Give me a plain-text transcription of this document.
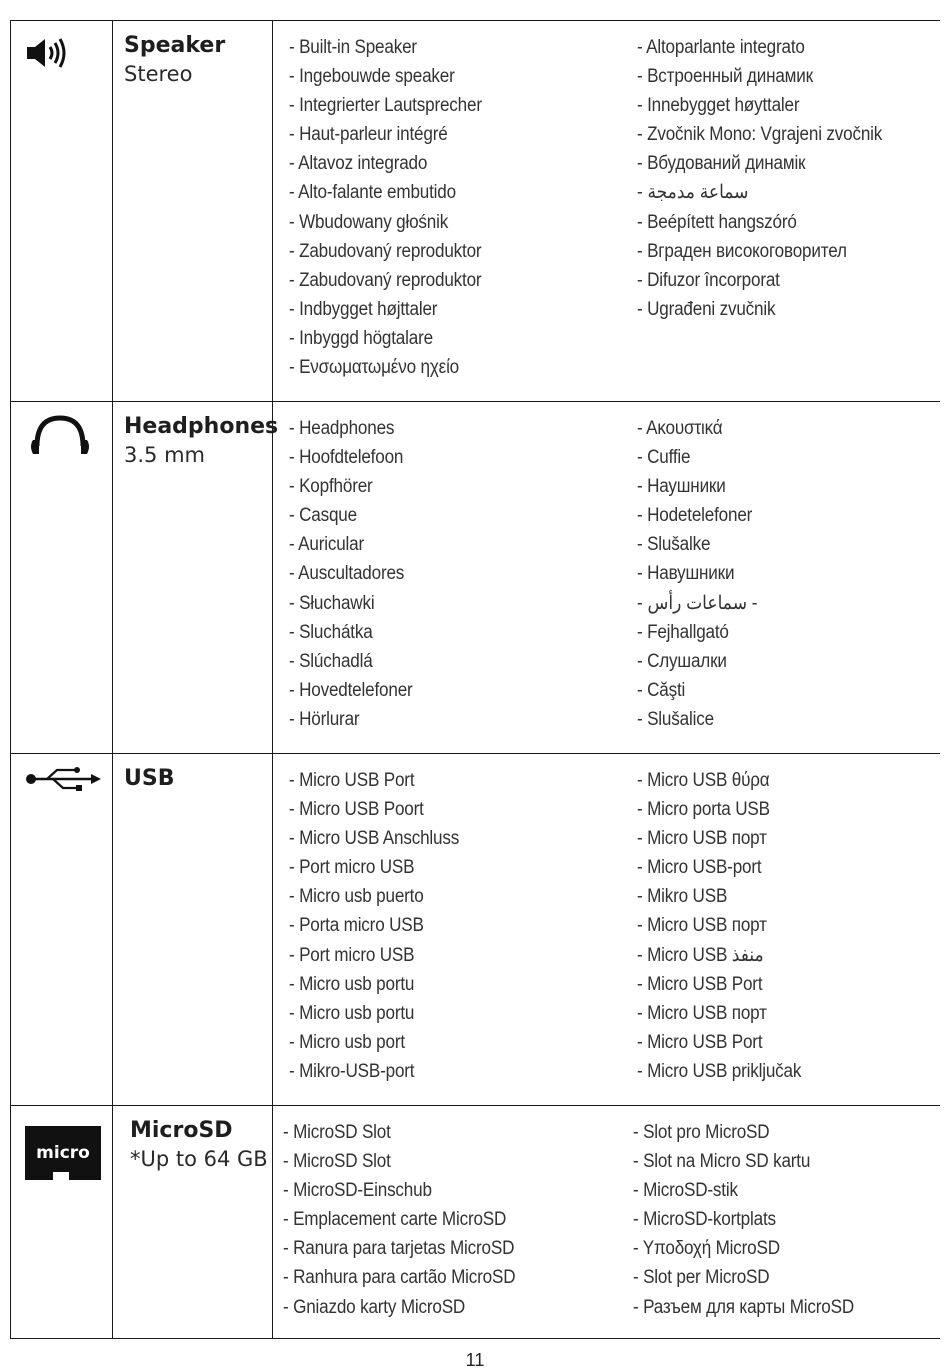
Speaker
Stereo
- Built-in Speaker
- Ingebouwde speaker
- Integrierter Lautsprecher
- Haut-parleur intégré
- Altavoz integrado
- Alto-falante embutido
- Wbudowany głośnik
- Zabudovaný reproduktor
- Zabudovaný reproduktor
- Indbygget højttaler
- Inbyggd högtalare
- Ενσωματωμένο ηχείο
- Altoparlante integrato
- Встроенный динамик
- Innebygget høyttaler
- Zvočnik Mono: Vgrajeni zvočnik
- Вбудований динамік
- سماعة مدمجة
- Beépített hangszóró
- Вграден високоговорител
- Difuzor încorporat
- Ugrađeni zvučnik
Headphones
3.5 mm
- Headphones
- Hoofdtelefoon
- Kopfhörer
- Casque
- Auricular
- Auscultadores
- Słuchawki
- Sluchátka
- Slúchadlá
- Hovedtelefoner
- Hörlurar
- Ακουστικά
- Cuffie
- Наушники
- Hodetelefoner
- Slušalke
- Навушники
- سماعات رأس -
- Fejhallgató
- Слушалки
- Căşti
- Slušalice
USB	- Micro USB Port
- Micro USB Poort
- Micro USB Anschluss
- Port micro USB
- Micro usb puerto
- Porta micro USB
- Port micro USB
- Micro usb portu
- Micro usb portu
- Micro usb port
- Mikro-USB-port
- Micro USB θύρα
- Micro porta USB
- Micro USB порт
- Micro USB-port
- Mikro USB
- Micro USB порт
- Micro USB منفذ
- Micro USB Port
- Micro USB порт
- Micro USB Port
- Micro USB priključak
micro
MicroSD
*Up to 64 GB
- MicroSD Slot
- MicroSD Slot
- MicroSD-Einschub
- Emplacement carte MicroSD
- Ranura para tarjetas MicroSD
- Ranhura para cartão MicroSD
- Gniazdo karty MicroSD
- Slot pro MicroSD
- Slot na Micro SD kartu
- MicroSD-stik
- MicroSD-kortplats
- Υποδοχή MicroSD
- Slot per MicroSD
- Разъем для карты MicroSD
11
